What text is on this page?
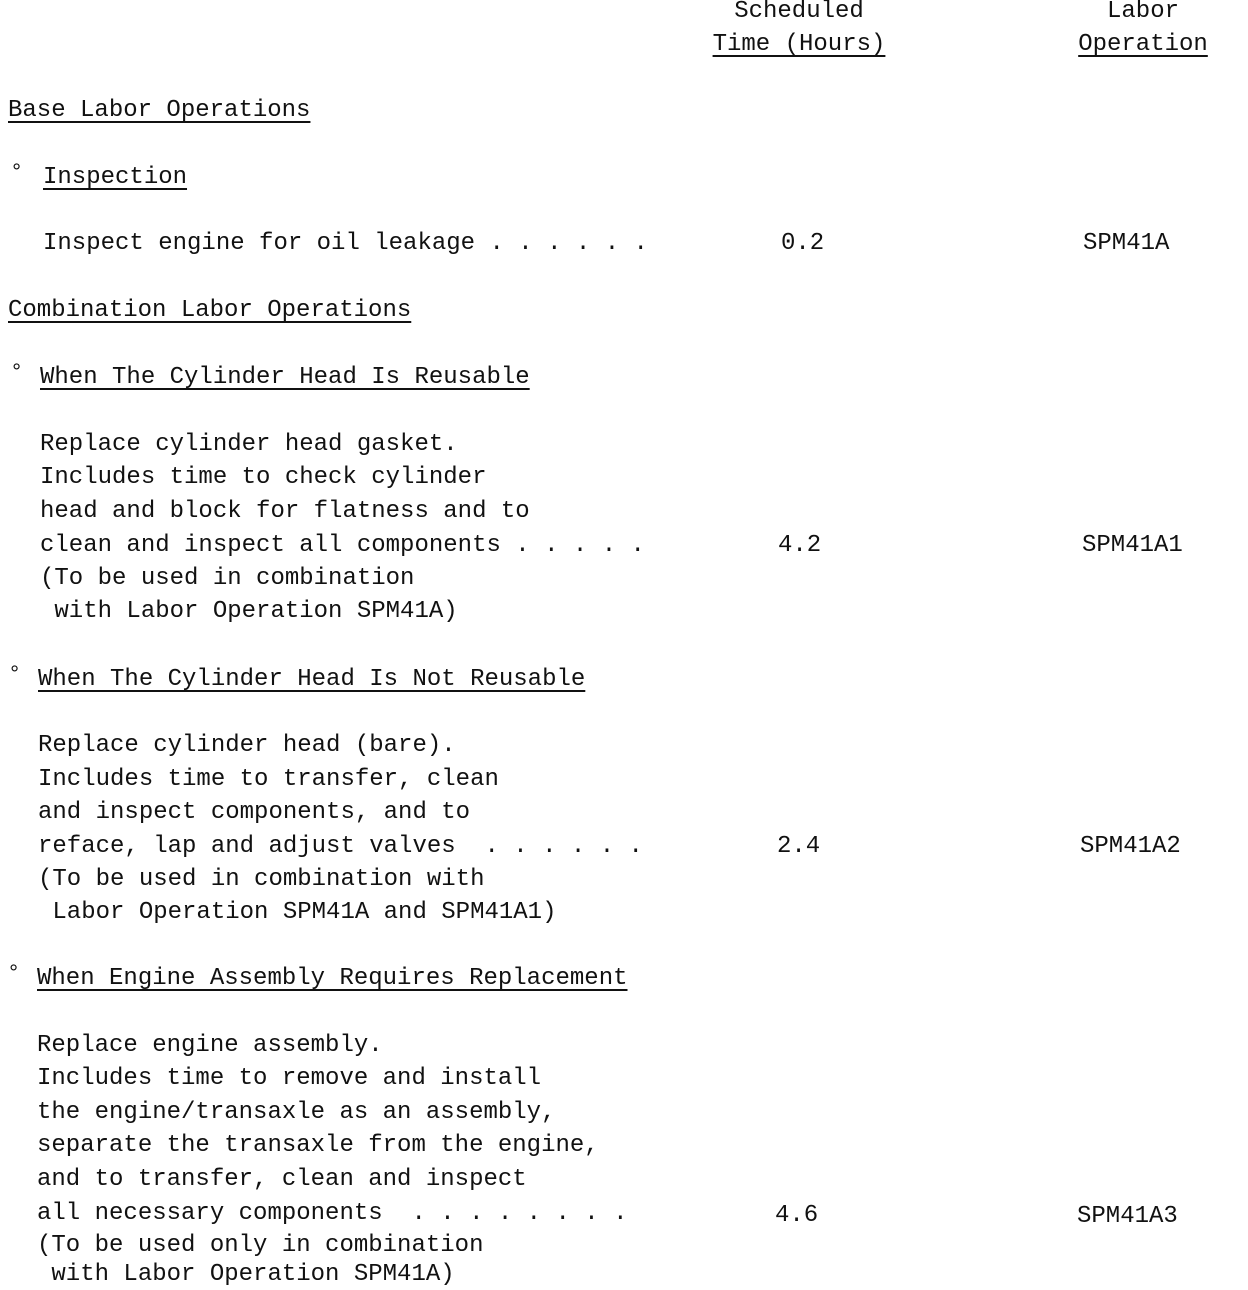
Scheduled
Time (Hours)
Labor
Operation
Base Labor Operations
° Inspection
Inspect engine for oil leakage . . . . . .	0.2	SPM41A
Combination Labor Operations
° When The Cylinder Head Is Reusable
Replace cylinder head gasket.
Includes time to check cylinder
head and block for flatness and to
clean and inspect all components . . . . .
(To be used in combination
with Labor Operation SPM41A)
4.2	SPM41A1
° When The Cylinder Head Is Not Reusable
Replace cylinder head (bare).
Includes time to transfer, clean
and inspect components, and to
reface, lap and adjust valves  . . . . . .
(To be used in combination with
Labor Operation SPM41A and SPM41A1)
2.4	SPM41A2
° When Engine Assembly Requires Replacement
Replace engine assembly.
Includes time to remove and install
the engine/transaxle as an assembly,
separate the transaxle from the engine,
and to transfer, clean and inspect
all necessary components  . . . . . . . .
(To be used only in combination
with Labor Operation SPM41A)
4.6	SPM41A3
